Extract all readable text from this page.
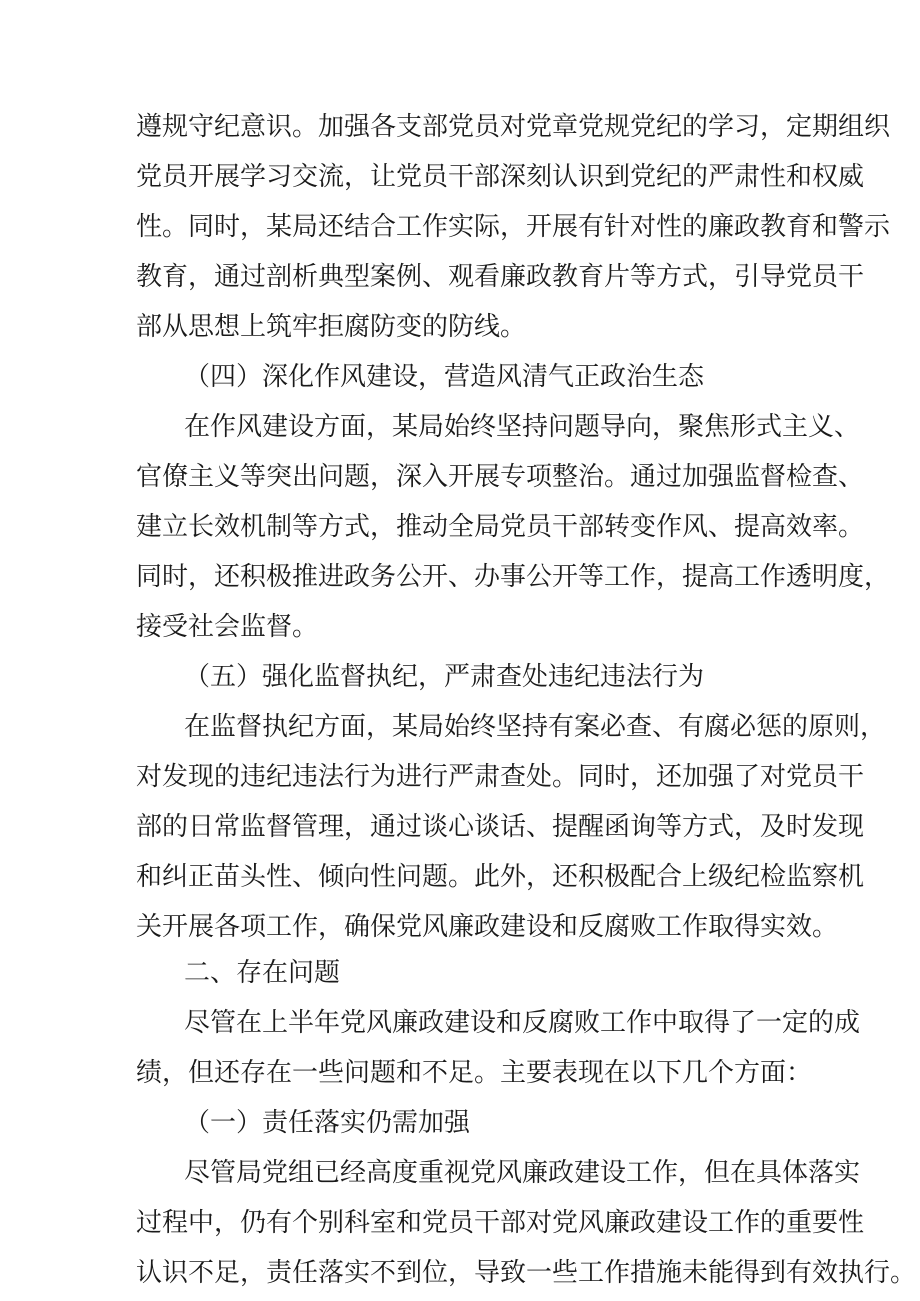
遵规守纪意识。加强各支部党员对党章党规党纪的学习，定期组织
党员开展学习交流，让党员干部深刻认识到党纪的严肃性和权威
性。同时，某局还结合工作实际，开展有针对性的廉政教育和警示
教育，通过剖析典型案例、观看廉政教育片等方式，引导党员干
部从思想上筑牢拒腐防变的防线。
（四）深化作风建设，营造风清气正政治生态
在作风建设方面，某局始终坚持问题导向，聚焦形式主义、
官僚主义等突出问题，深入开展专项整治。通过加强监督检查、
建立长效机制等方式，推动全局党员干部转变作风、提高效率。
同时，还积极推进政务公开、办事公开等工作，提高工作透明度，
接受社会监督。
（五）强化监督执纪，严肃查处违纪违法行为
在监督执纪方面，某局始终坚持有案必查、有腐必惩的原则，
对发现的违纪违法行为进行严肃查处。同时，还加强了对党员干
部的日常监督管理，通过谈心谈话、提醒函询等方式，及时发现
和纠正苗头性、倾向性问题。此外，还积极配合上级纪检监察机
关开展各项工作，确保党风廉政建设和反腐败工作取得实效。
二、存在问题
尽管在上半年党风廉政建设和反腐败工作中取得了一定的成
绩，但还存在一些问题和不足。主要表现在以下几个方面：
（一）责任落实仍需加强
尽管局党组已经高度重视党风廉政建设工作，但在具体落实
过程中，仍有个别科室和党员干部对党风廉政建设工作的重要性
认识不足，责任落实不到位，导致一些工作措施未能得到有效执行。
